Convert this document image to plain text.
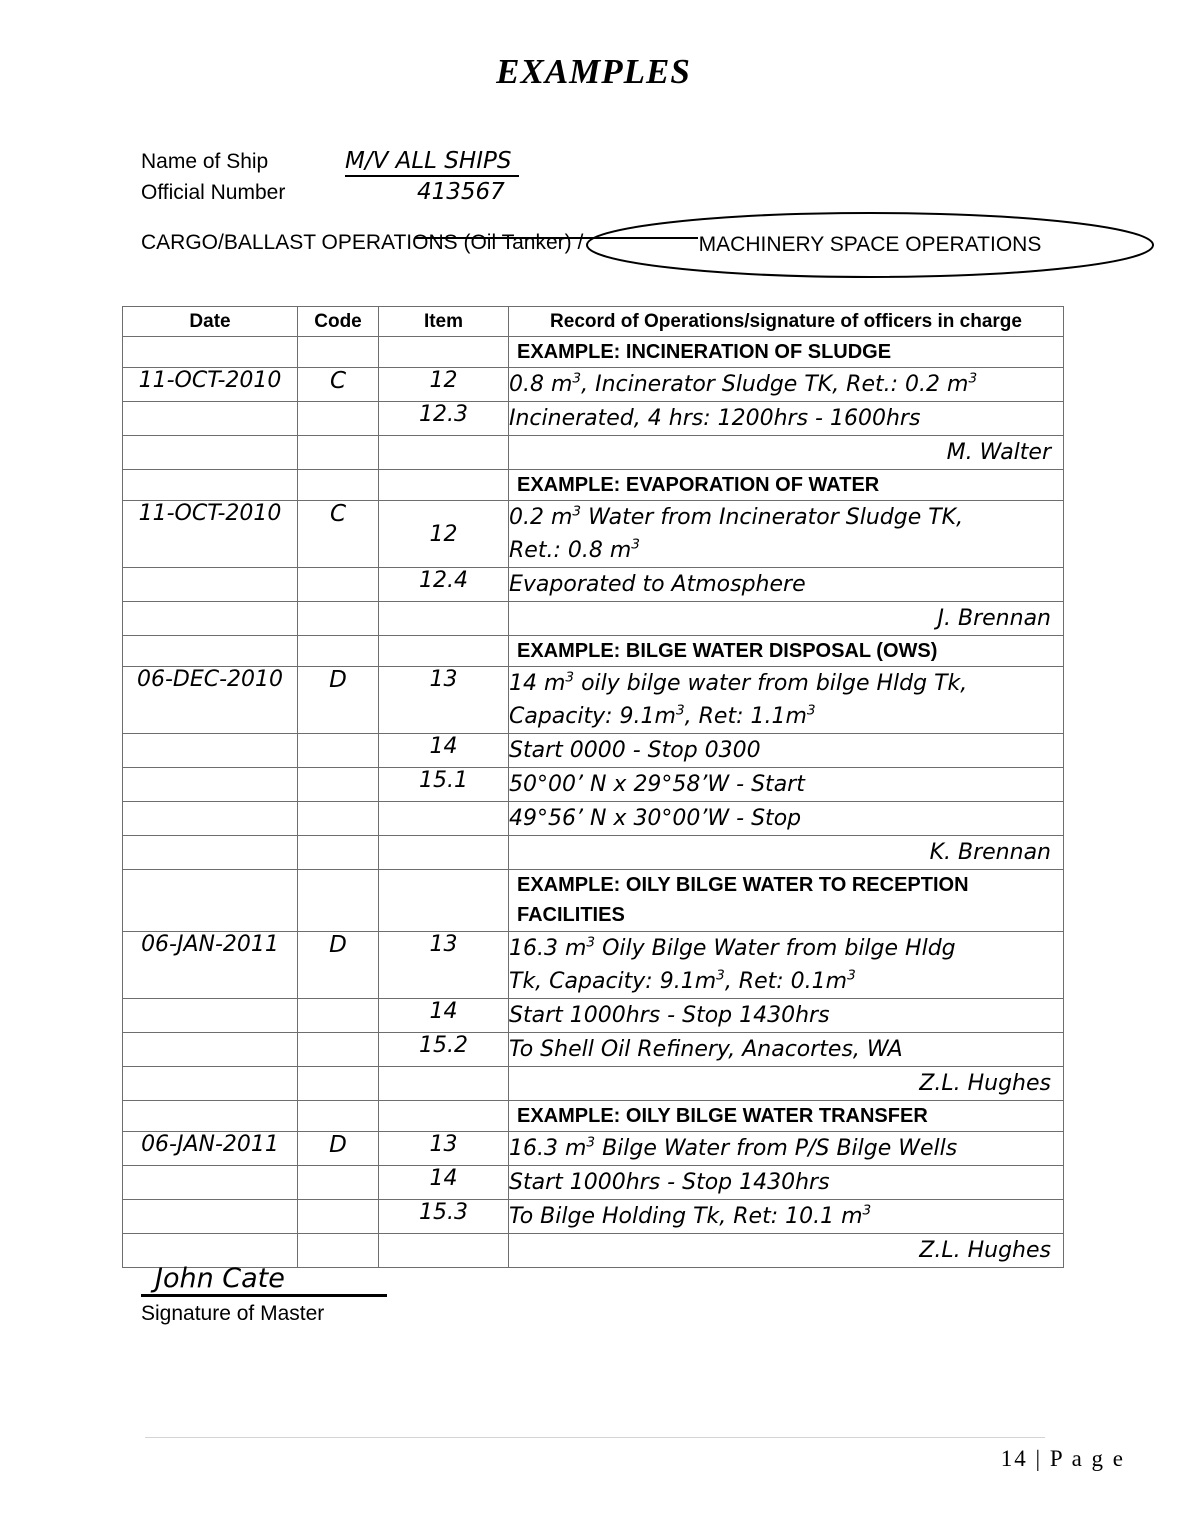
EXAMPLES
Name of Ship	M/V ALL SHIPS
Official Number	413567
CARGO/BALLAST OPERATIONS (Oil Tanker) /	MACHINERY SPACE OPERATIONS
Date	Code	Item	Record of Operations/signature of officers in charge

			EXAMPLE: INCINERATION OF SLUDGE

11-OCT-2010	C	12	0.8 $m^3$, Incinerator Sludge TK, Ret.: 0.2 $m^3$

		12.3	Incinerated, 4 hrs: 1200hrs - 1600hrs

			M. Walter

			EXAMPLE: EVAPORATION OF WATER

11-OCT-2010	C	12	0.2 $m^3$ Water from Incinerator Sludge TK,
Ret.: 0.8 $m^3$

		12.4	Evaporated to Atmosphere

			J. Brennan

			EXAMPLE: BILGE WATER DISPOSAL (OWS)

06-DEC-2010	D	13	14 $m^3$ oily bilge water from bilge Hldg Tk,
Capacity: $9.1m^3$, Ret: $1.1m^3$

		14	Start 0000 - Stop 0300

		15.1	50°00’ N x 29°58’W - Start

			49°56’ N x 30°00’W - Stop

			K. Brennan

			EXAMPLE: OILY BILGE WATER TO RECEPTION FACILITIES

06-JAN-2011	D	13	16.3 $m^3$ Oily Bilge Water from bilge Hldg
Tk, Capacity: $9.1m^3$, Ret: $0.1m^3$

		14	Start 1000hrs - Stop 1430hrs

		15.2	To Shell Oil Refinery, Anacortes, WA

			Z.L. Hughes

			EXAMPLE: OILY BILGE WATER TRANSFER

06-JAN-2011	D	13	16.3 $m^3$ Bilge Water from P/S Bilge Wells

		14	Start 1000hrs - Stop 1430hrs

		15.3	To Bilge Holding Tk, Ret: 10.1 $m^3$

			Z.L. Hughes
John Cate
Signature of Master
14 | P a g e
